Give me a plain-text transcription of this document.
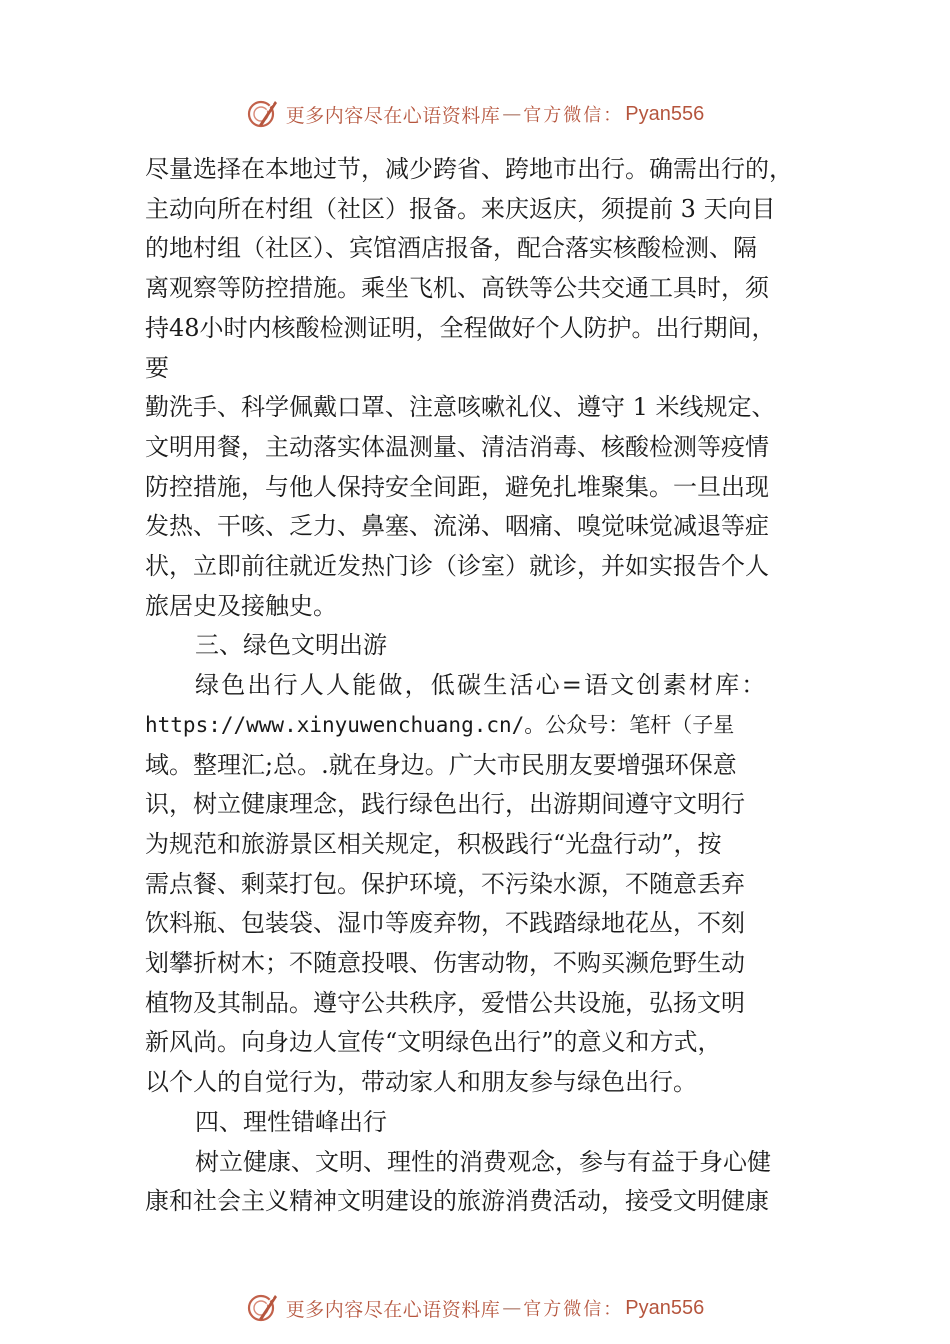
更多内容尽在心语资料库 — 官方微信： Pyan556
尽量选择在本地过节，减少跨省、跨地市出行。确需出行的，
主动向所在村组（社区）报备。来庆返庆，须提前 3 天向目
的地村组（社区）、宾馆酒店报备，配合落实核酸检测、隔
离观察等防控措施。乘坐飞机、高铁等公共交通工具时，须
持48小时内核酸检测证明，全程做好个人防护。出行期间，
要
勤洗手、科学佩戴口罩、注意咳嗽礼仪、遵守 1 米线规定、
文明用餐，主动落实体温测量、清洁消毒、核酸检测等疫情
防控措施，与他人保持安全间距，避免扎堆聚集。一旦出现
发热、干咳、乏力、鼻塞、流涕、咽痛、嗅觉味觉减退等症
状，立即前往就近发热门诊（诊室）就诊，并如实报告个人
旅居史及接触史。
三、绿色文明出游
绿色出行人人能做，低碳生活心=语文创素材库：
https://www.xinyuwenchuang.cn/。公众号：笔杆（子星
域。整理汇;总。.就在身边。广大市民朋友要增强环保意
识，树立健康理念，践行绿色出行，出游期间遵守文明行
为规范和旅游景区相关规定，积极践行“光盘行动”，按
需点餐、剩菜打包。保护环境，不污染水源，不随意丢弃
饮料瓶、包装袋、湿巾等废弃物，不践踏绿地花丛，不刻
划攀折树木；不随意投喂、伤害动物，不购买濒危野生动
植物及其制品。遵守公共秩序，爱惜公共设施，弘扬文明
新风尚。向身边人宣传“文明绿色出行”的意义和方式，
以个人的自觉行为，带动家人和朋友参与绿色出行。
四、理性错峰出行
树立健康、文明、理性的消费观念，参与有益于身心健
康和社会主义精神文明建设的旅游消费活动，接受文明健康
更多内容尽在心语资料库 — 官方微信： Pyan556
